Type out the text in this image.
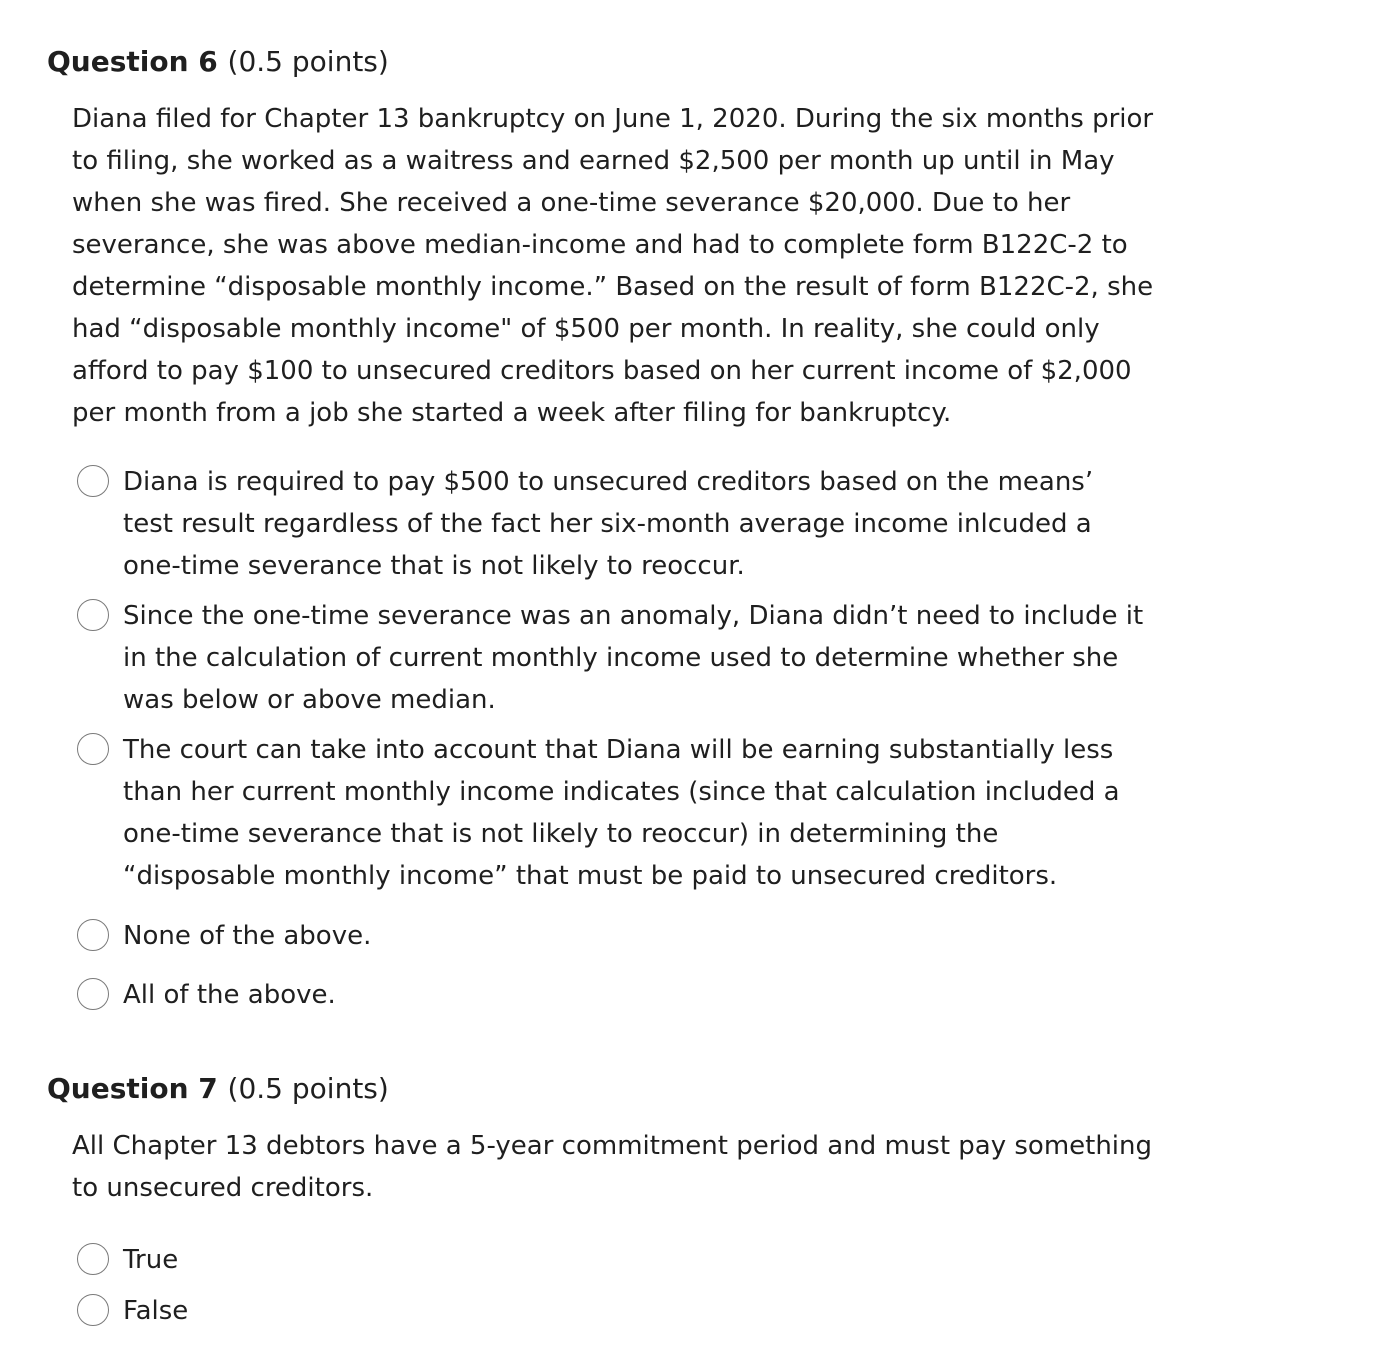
Question 6 (0.5 points)

Diana filed for Chapter 13 bankruptcy on June 1, 2020. During the six months prior to filing, she worked as a waitress and earned $2,500 per month up until in May when she was fired. She received a one-time severance $20,000. Due to her severance, she was above median-income and had to complete form B122C-2 to determine “disposable monthly income.” Based on the result of form B122C-2, she had “disposable monthly income" of $500 per month. In reality, she could only afford to pay $100 to unsecured creditors based on her current income of $2,000 per month from a job she started a week after filing for bankruptcy.

Diana is required to pay $500 to unsecured creditors based on the means’ test result regardless of the fact her six-month average income inlcuded a one-time severance that is not likely to reoccur.
Since the one-time severance was an anomaly, Diana didn’t need to include it in the calculation of current monthly income used to determine whether she was below or above median.
The court can take into account that Diana will be earning substantially less than her current monthly income indicates (since that calculation included a one-time severance that is not likely to reoccur) in determining the “disposable monthly income” that must be paid to unsecured creditors.
None of the above.
All of the above.
Question 7 (0.5 points)

All Chapter 13 debtors have a 5-year commitment period and must pay something to unsecured creditors.

True
False
